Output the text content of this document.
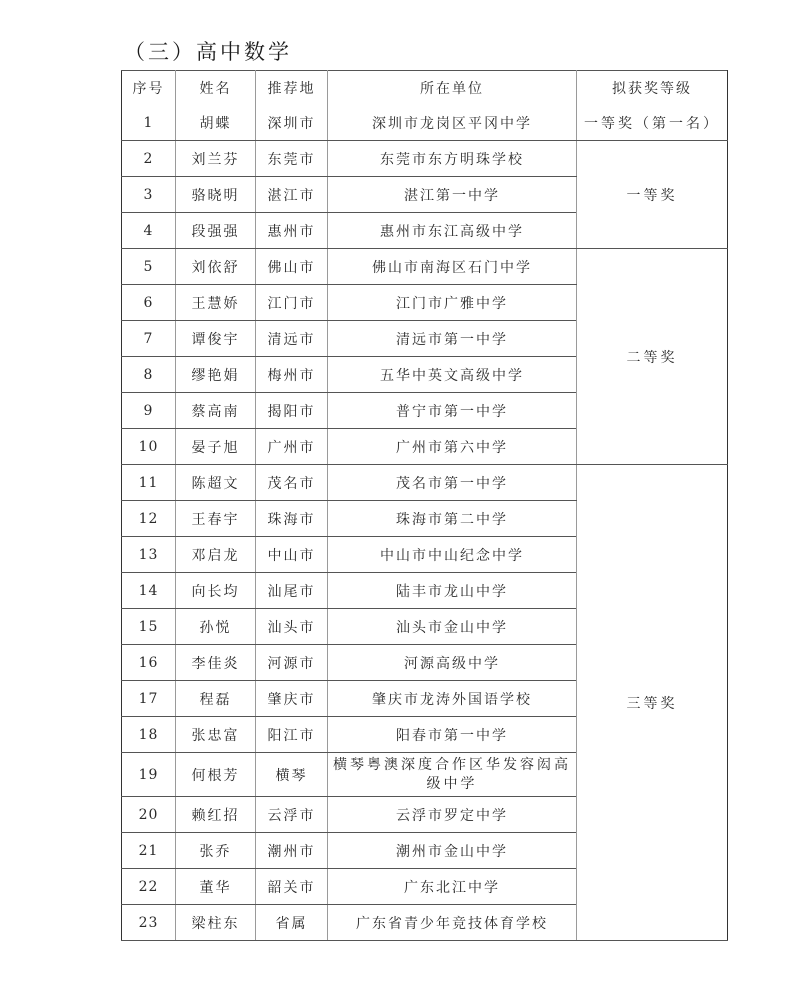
（三）高中数学
序号	姓名	推荐地	所在单位	拟获奖等级
1	胡蝶	深圳市	深圳市龙岗区平冈中学	一等奖（第一名）
2	刘兰芬	东莞市	东莞市东方明珠学校	一等奖
3	骆晓明	湛江市	湛江第一中学	
4	段强强	惠州市	惠州市东江高级中学	
5	刘依舒	佛山市	佛山市南海区石门中学	二等奖
6	王慧娇	江门市	江门市广雅中学	
7	谭俊宇	清远市	清远市第一中学	
8	缪艳娟	梅州市	五华中英文高级中学	
9	蔡高南	揭阳市	普宁市第一中学	
10	晏子旭	广州市	广州市第六中学	
11	陈超文	茂名市	茂名市第一中学	三等奖
12	王春宇	珠海市	珠海市第二中学	
13	邓启龙	中山市	中山市中山纪念中学	
14	向长均	汕尾市	陆丰市龙山中学	
15	孙悦	汕头市	汕头市金山中学	
16	李佳炎	河源市	河源高级中学	
17	程磊	肇庆市	肇庆市龙涛外国语学校	
18	张忠富	阳江市	阳春市第一中学	
19	何根芳	横琴	横琴粤澳深度合作区华发容闳高级中学	
20	赖红招	云浮市	云浮市罗定中学	
21	张乔	潮州市	潮州市金山中学	
22	董华	韶关市	广东北江中学	
23	梁柱东	省属	广东省青少年竞技体育学校	
